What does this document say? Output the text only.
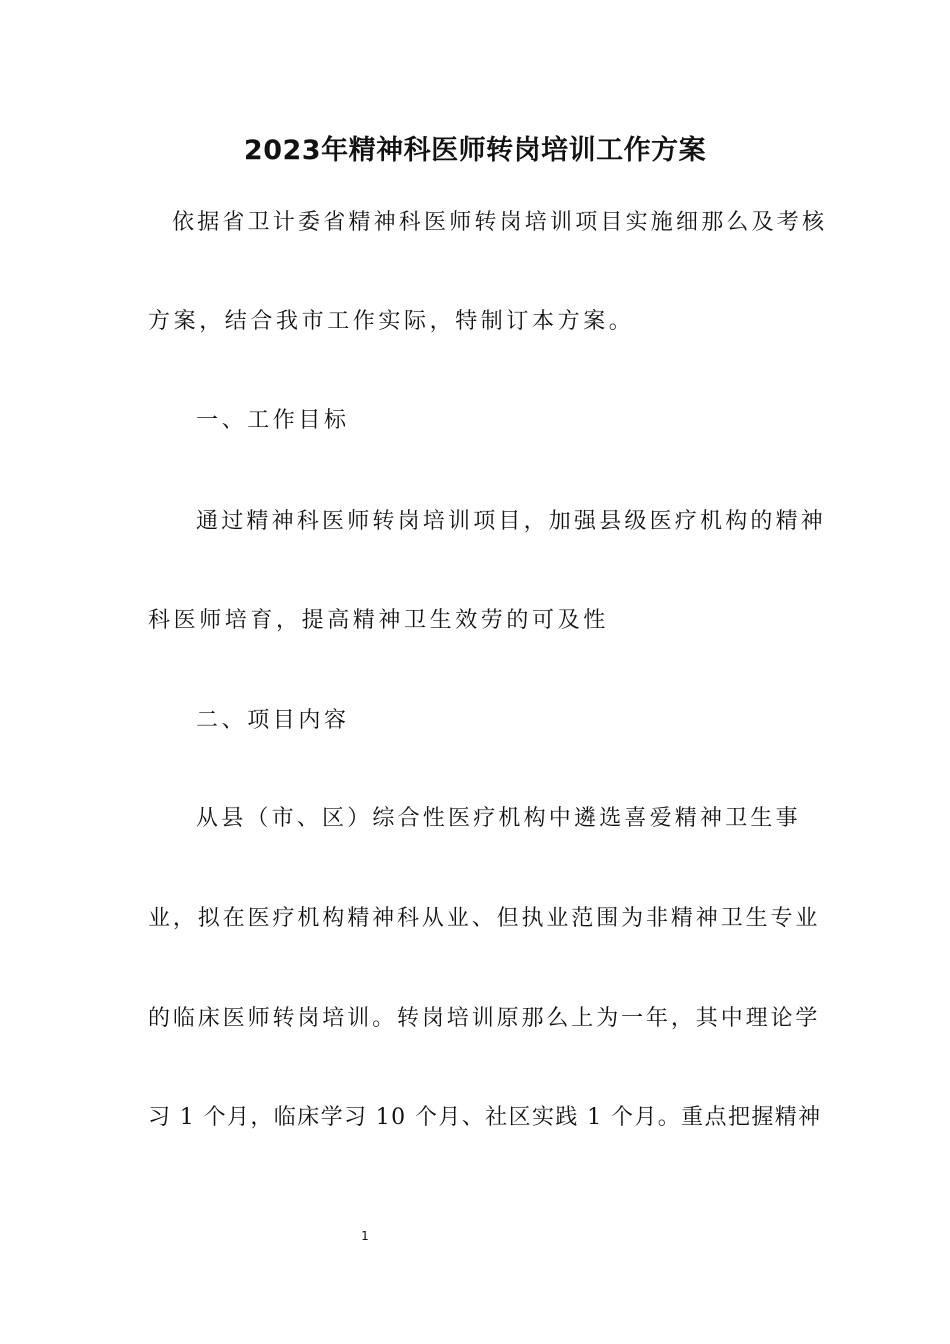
2023年精神科医师转岗培训工作方案
依据省卫计委省精神科医师转岗培训项目实施细那么及考核
方案，结合我市工作实际，特制订本方案。
一、工作目标
通过精神科医师转岗培训项目，加强县级医疗机构的精神
科医师培育，提高精神卫生效劳的可及性
二、项目内容
从县（市、区）综合性医疗机构中遴选喜爱精神卫生事
业，拟在医疗机构精神科从业、但执业范围为非精神卫生专业
的临床医师转岗培训。转岗培训原那么上为一年，其中理论学
习 1 个月，临床学习 10 个月、社区实践 1 个月。重点把握精神
1
